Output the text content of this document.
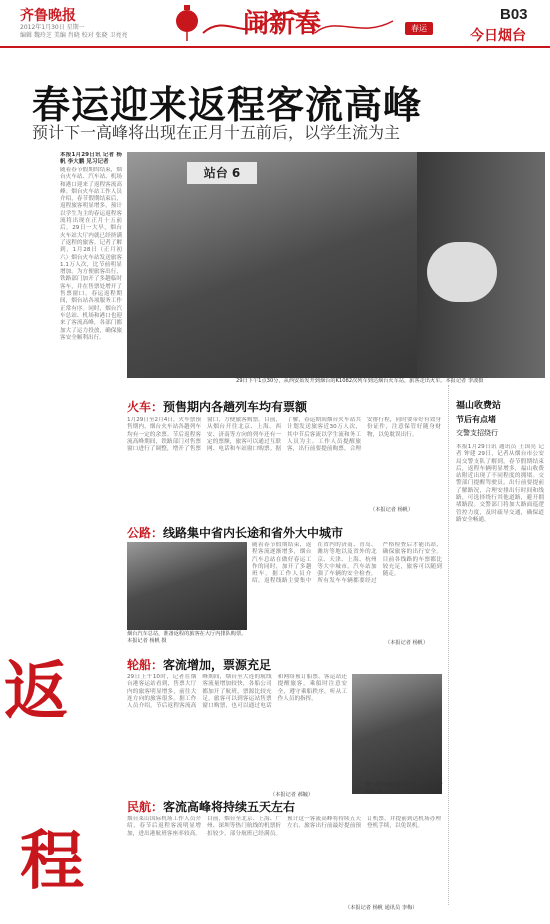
齐鲁晚报
2012年1月30日 星期一
编辑 魏玲芝 美编 肖晓 校对 张晓 卫亮亮	闹新春	春运
B03
今日烟台
春运迎来返程客流高峰
预计下一高峰将出现在正月十五前后，以学生流为主
本报1月29日讯 记者 杨帆 李大鹏 见习记者
随着春节假期的结束，烟台火车站、汽车站、机场和港口迎来了返程客流高峰。烟台火车站工作人员介绍，春节假期结束后，返程旅客明显增多，预计以学生为主的春运返程客流将出现在正月十五前后。29日一大早，烟台火车站大厅内就已经挤满了返程的旅客。记者了解到，1月28日（正月初六）烟台火车站发送旅客1.1万人次，比节前明显增加。为方便旅客出行，铁路部门加开了多趟临时客车，并在售票处增开了售票窗口。春运返程期间，烟台站各项服务工作正常有序。同时，烟台汽车总站、机场和港口也迎来了客流高峰，各部门都加大了运力投放，确保旅客安全顺利出行。
站台 6
29日下午1点30分，从西安始发开到烟台的K1082次列车到达烟台火车站，旅客走出火车。本报记者 李波摄
火车：预售期内各趟列车均有票额
1月29日至2月4日，火车票预售期内，烟台火车站各趟列车均有一定的余票。节后返程客流高峰期间，铁路部门对售票窗口进行了调整，增开了售票窗口，方便旅客购票。目前，从烟台开往北京、上海、西安、济南等方向的列车还有一定的票额，旅客可以通过互联网、电话和车站窗口购票。据了解，春运期间烟台火车站共计划发送旅客近30万人次，其中节后客流以学生流和务工人员为主。工作人员提醒旅客，出行前要提前购票，合理安排行程，同时要带好有效身份证件，注意保管好随身财物，以免耽误出行。
（本报记者 杨帆）
公路：线路集中省内长途和省外大中城市
烟台汽车总站，准备返程的旅客在大厅内排队购票。本报记者 杨帆 摄
随着春节假期结束，返程客流逐渐增多，烟台汽车总站在做好春运工作的同时，加开了多趟班车。据工作人员介绍，返程线路主要集中在省内的济南、青岛、潍坊等地以及省外的北京、天津、上海、杭州等大中城市。汽车站加强了车辆的安全检查，所有发车车辆都要经过严格检查后才能出站，确保旅客的出行安全。目前各线路的车票都比较充足，旅客可以随到随走。
（本报记者 杨帆）
轮船：客流增加，票源充足
29日上午10时，记者在烟台港客运站看到，售票大厅内的旅客明显增多，前往大连方向的旅客很多。据工作人员介绍，节后返程客流高峰期间，烟台至大连的航线客流量增加较快，各船公司都加开了航班，票源比较充足。旅客可以到客运站售票窗口购票，也可以通过电话和网络预订船票。客运站还提醒旅客，乘船时注意安全，遵守乘船秩序，听从工作人员的指挥。
烟台港客运站旅客较多。本报记者 郝毓 摄
（本报记者 郝毓）
民航：客流高峰将持续五天左右
烟台莱山国际机场工作人员介绍，春节后返程客流明显增加，进出港航班客座率较高。目前，烟台至北京、上海、广州、深圳等热门航线的机票折扣较少，部分航班已经满员。预计这一客流高峰将持续五天左右，旅客出行前最好提前预订机票，并提前到达机场办理登机手续，以免误机。
（本报记者 杨帆 通讯员 李梅）
福山收费站
节后有点堵
交警支招绕行
本报1月29日讯 通讯员 王国亮 记者 钟建 29日，记者从烟台市公安局交警支队了解到，春节假期结束后，返程车辆明显增多，福山收费站附近出现了不同程度的拥堵。交警部门提醒驾驶员，出行前要提前了解路况，合理安排出行时间和线路，可选择绕行其他道路，避开拥堵路段。交警部门将加大路面巡逻管控力度，及时疏导交通，确保道路安全畅通。
返
程
